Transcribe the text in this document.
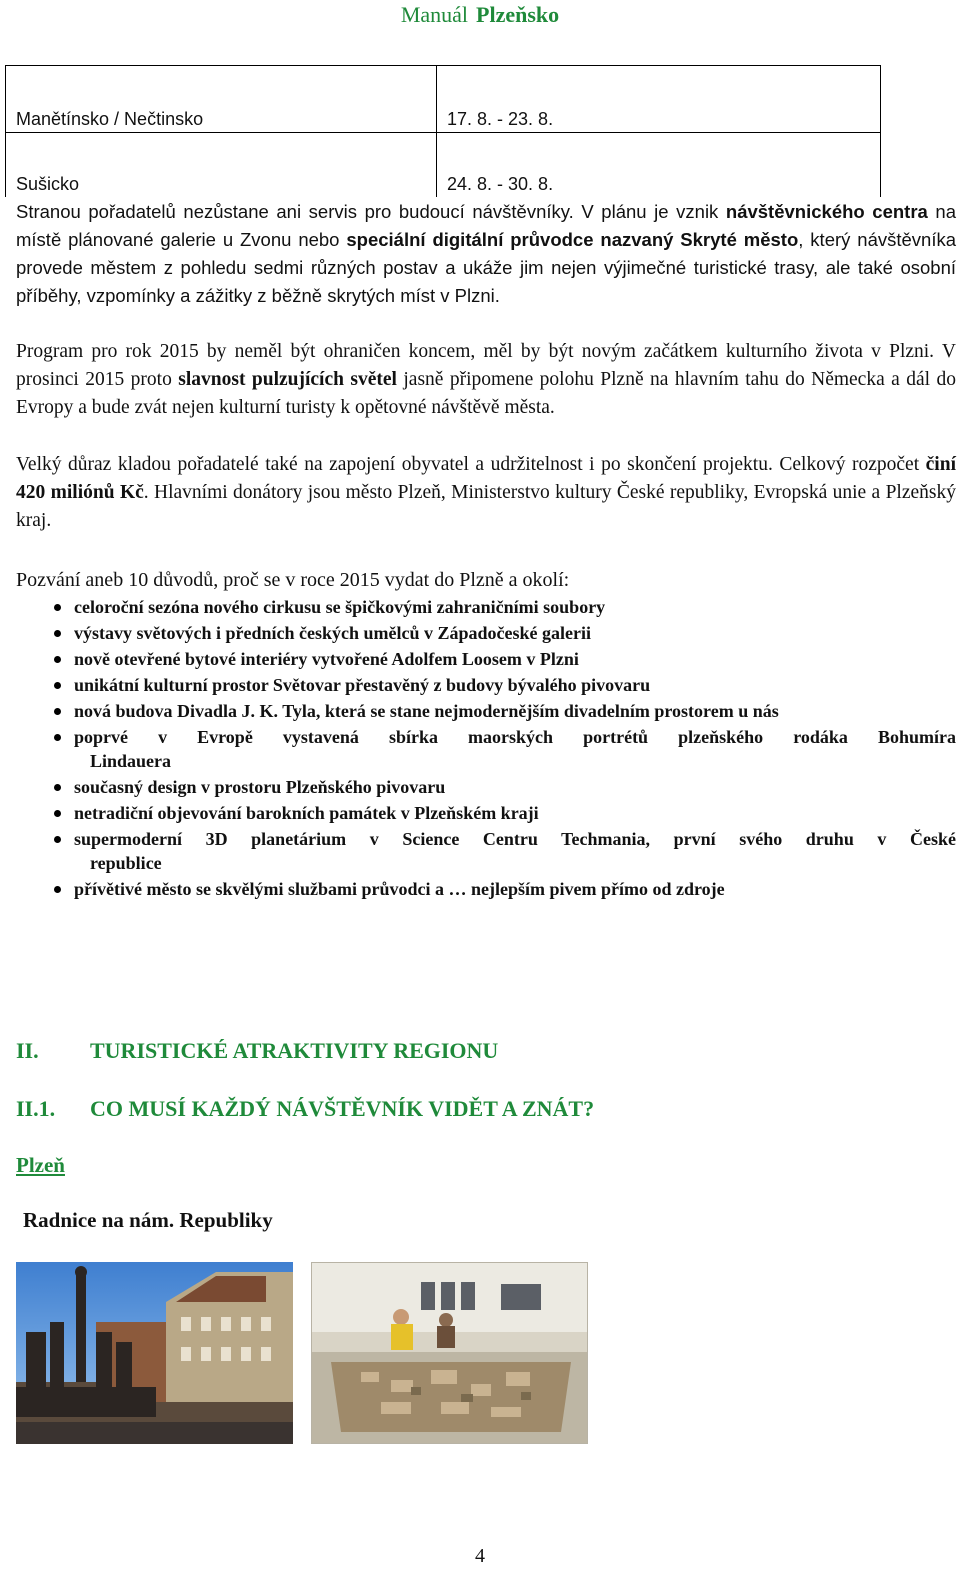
Manuál Plzeňsko
Manětínsko / Nečtinsko	17. 8. - 23. 8.
Sušicko	24. 8. - 30. 8.
Stranou pořadatelů nezůstane ani servis pro budoucí návštěvníky. V plánu je vznik návštěvnického centra na místě plánované galerie u Zvonu nebo speciální digitální průvodce nazvaný Skryté město, který návštěvníka provede městem z pohledu sedmi různých postav a ukáže jim nejen výjimečné turistické trasy, ale také osobní příběhy, vzpomínky a zážitky z běžně skrytých míst v Plzni.
Program pro rok 2015 by neměl být ohraničen koncem, měl by být novým začátkem kulturního života v Plzni. V prosinci 2015 proto slavnost pulzujících světel jasně připomene polohu Plzně na hlavním tahu do Německa a dál do Evropy a bude zvát nejen kulturní turisty k opětovné návštěvě města.
Velký důraz kladou pořadatelé také na zapojení obyvatel a udržitelnost i po skončení projektu. Celkový rozpočet činí 420 miliónů Kč. Hlavními donátory jsou město Plzeň, Ministerstvo kultury České republiky, Evropská unie a Plzeňský kraj.
Pozvání aneb 10 důvodů, proč se v roce 2015 vydat do Plzně a okolí:
celoroční sezóna nového cirkusu se špičkovými zahraničními soubory
výstavy světových i předních českých umělců v Západočeské galerii
nově otevřené bytové interiéry vytvořené Adolfem Loosem v Plzni
unikátní kulturní prostor Světovar přestavěný z budovy bývalého pivovaru
nová budova Divadla J. K. Tyla, která se stane nejmodernějším divadelním prostorem u nás
poprvé v Evropě vystavená sbírka maorských portrétů plzeňského rodáka Bohumíra
Lindauera
současný design v prostoru Plzeňského pivovaru
netradiční objevování barokních památek v Plzeňském kraji
supermoderní 3D planetárium v Science Centru Techmania, první svého druhu v České
republice
přívětivé město se skvělými službami průvodci a … nejlepším pivem přímo od zdroje
II. TURISTICKÉ ATRAKTIVITY REGIONU
II.1. CO MUSÍ KAŽDÝ NÁVŠTĚVNÍK VIDĚT A ZNÁT?
Plzeň
Radnice na nám. Republiky
4
